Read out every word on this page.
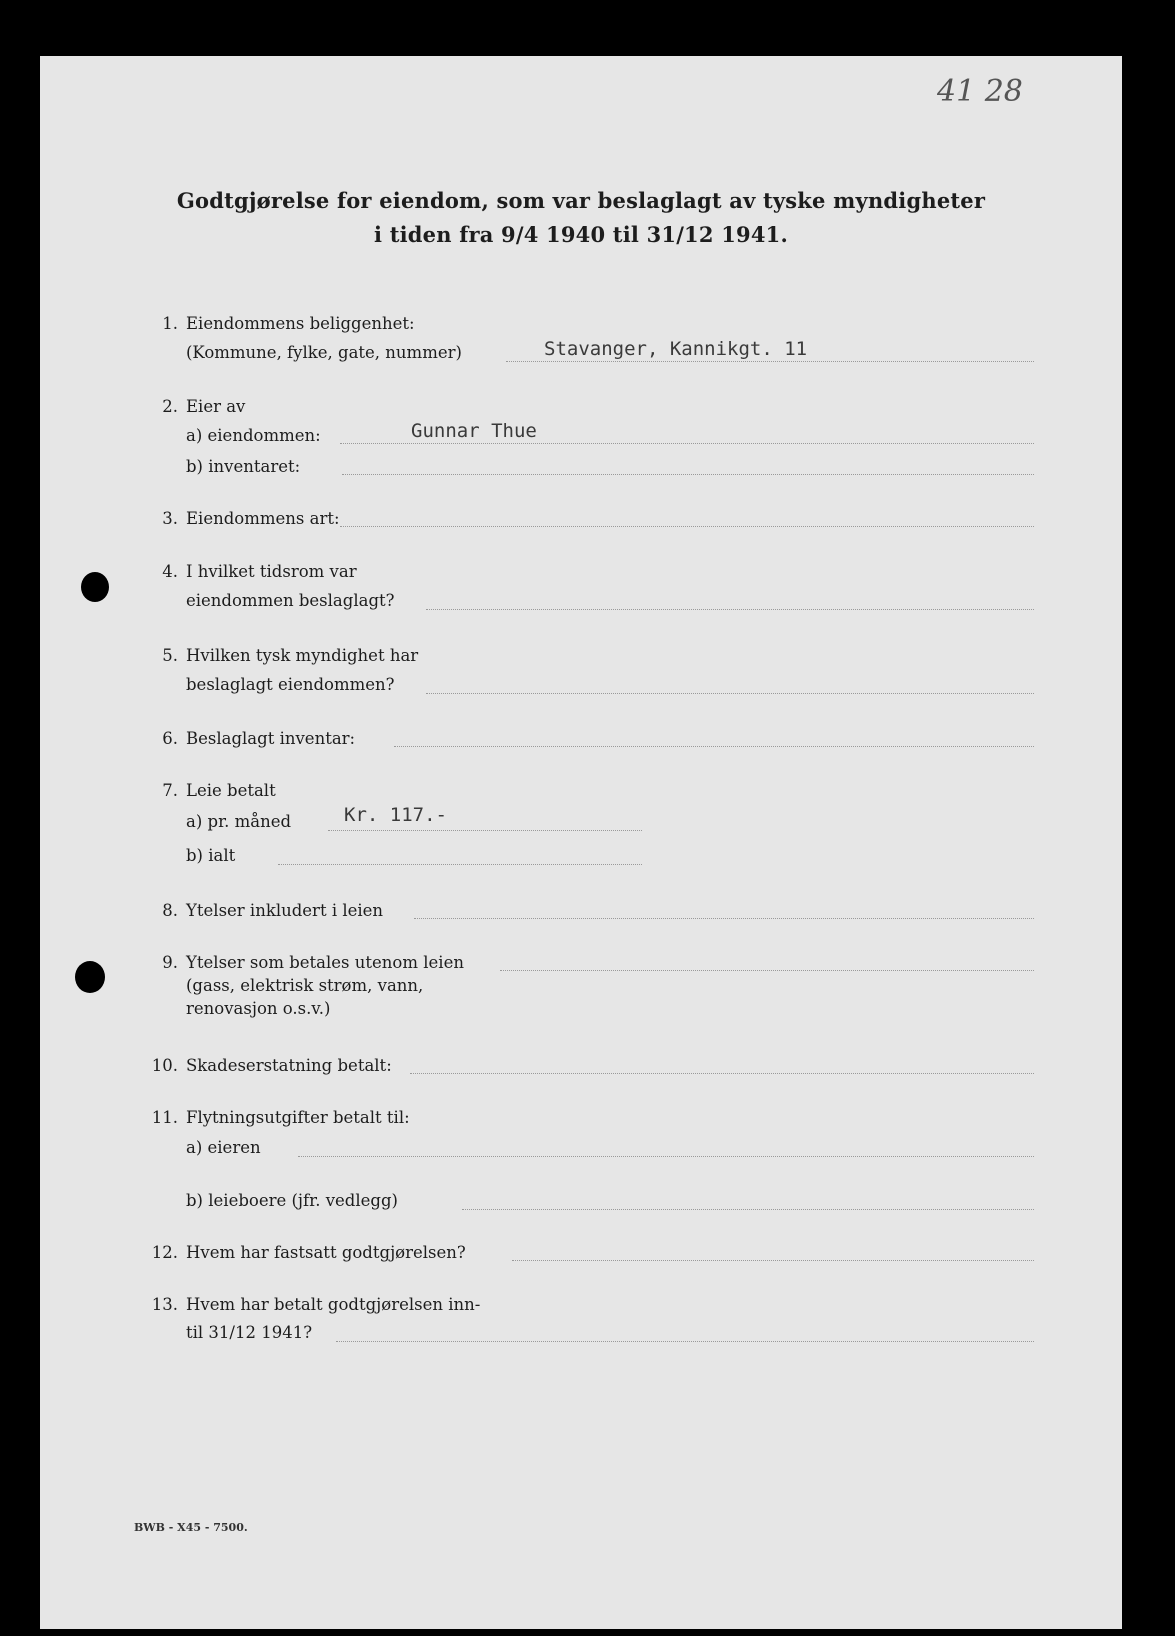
41 28
Godtgjørelse for eiendom, som var beslaglagt av tyske myndigheter
i tiden fra 9/4 1940 til 31/12 1941.
1. Eiendommens beliggenhet:
(Kommune, fylke, gate, nummer)	Stavanger, Kannikgt. 11
2. Eier av
a) eiendommen:	Gunnar Thue
b) inventaret:
3. Eiendommens art:
4. I hvilket tidsrom var
eiendommen beslaglagt?
5. Hvilken tysk myndighet har
beslaglagt eiendommen?
6. Beslaglagt inventar:
7. Leie betalt
a) pr. måned	Kr. 117.-
b) ialt
8. Ytelser inkludert i leien
9. Ytelser som betales utenom leien
(gass, elektrisk strøm, vann,
renovasjon o.s.v.)
10. Skadeserstatning betalt:
11. Flytningsutgifter betalt til:
a) eieren
b) leieboere (jfr. vedlegg)
12. Hvem har fastsatt godtgjørelsen?
13. Hvem har betalt godtgjørelsen inn-
til 31/12 1941?
BWB - X45 - 7500.
